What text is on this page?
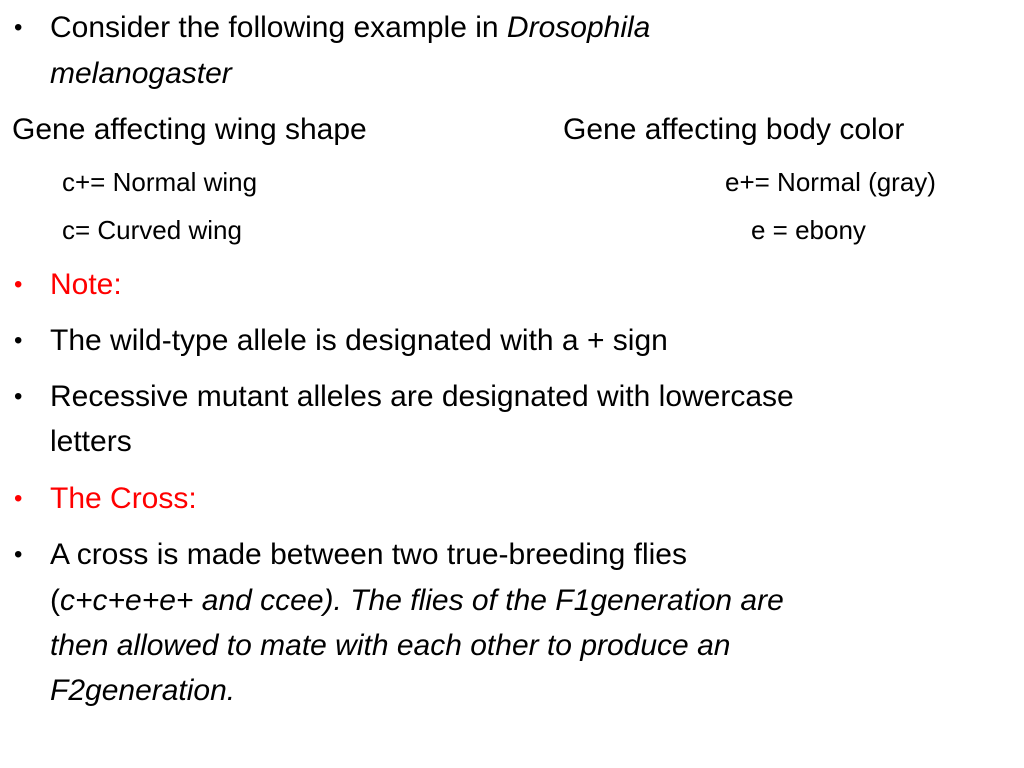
• Consider the following example in Drosophila
melanogaster
Gene affecting wing shape	Gene affecting body color
c+= Normal wing	e+= Normal (gray)
c= Curved wing	e = ebony
• Note:
• The wild-type allele is designated with a + sign
• Recessive mutant alleles are designated with lowercase
letters
• The Cross:
• A cross is made between two true-breeding flies
(c+c+e+e+ and ccee). The flies of the F1generation are
then allowed to mate with each other to produce an
F2generation.
